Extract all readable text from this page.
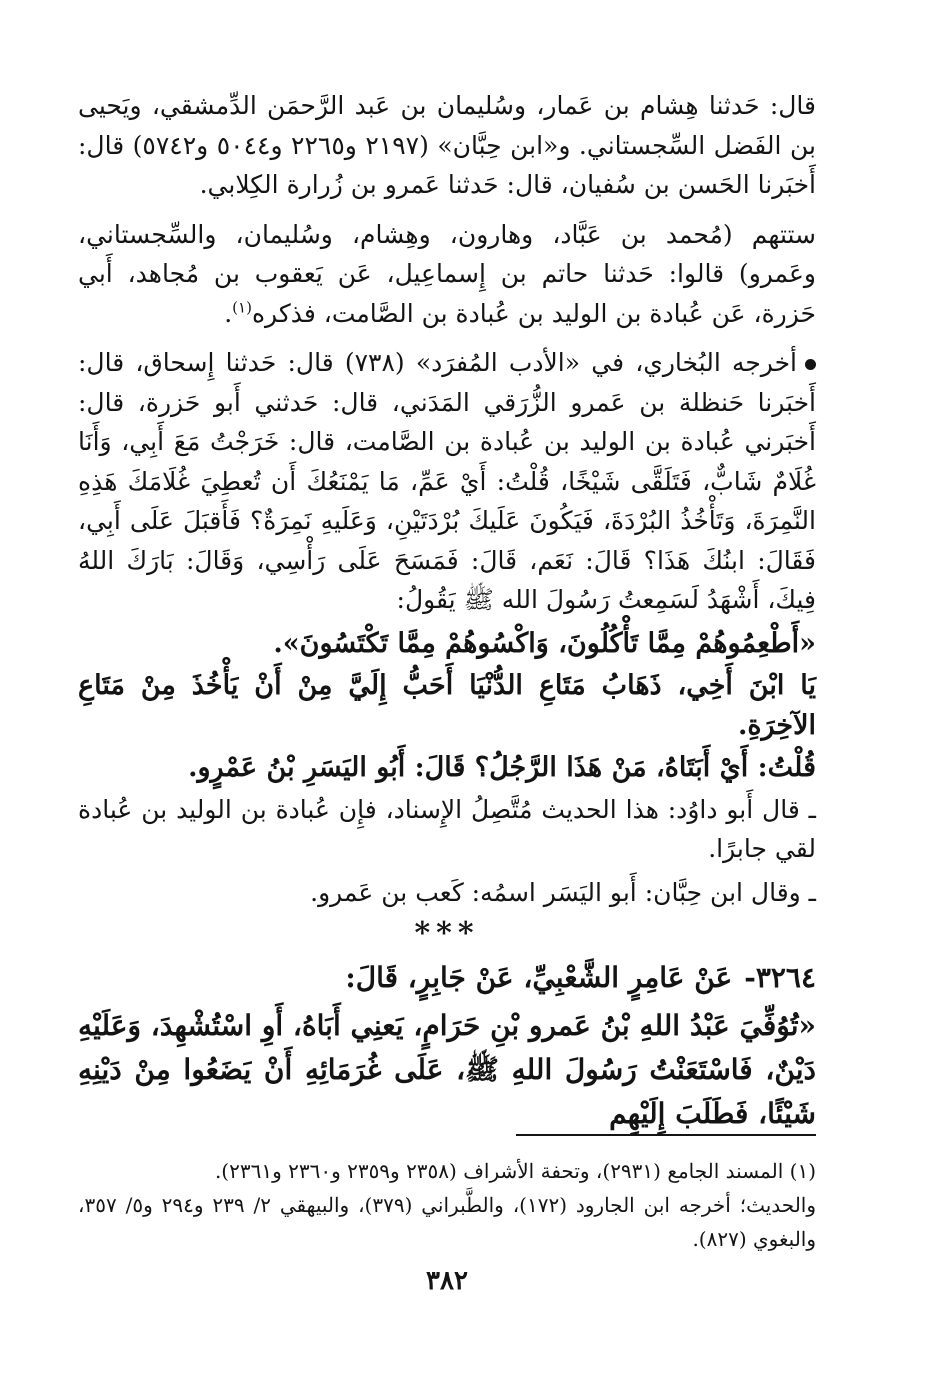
قال: حَدثنا هِشام بن عَمار، وسُليمان بن عَبد الرَّحمَن الدِّمشقي، ويَحيى بن الفَضل السِّجستاني. و«ابن حِبَّان» (٢١٩٧ و٢٢٦٥ و٥٠٤٤ و٥٧٤٢) قال: أَخبَرنا الحَسن بن سُفيان، قال: حَدثنا عَمرو بن زُرارة الكِلابي.

ستتهم (مُحمد بن عَبَّاد، وهارون، وهِشام، وسُليمان، والسِّجستاني، وعَمرو) قالوا: حَدثنا حاتم بن إِسماعِيل، عَن يَعقوب بن مُجاهد، أَبي حَزرة، عَن عُبادة بن الوليد بن عُبادة بن الصَّامت، فذكره$^{(١)}$.

أخرجه البُخاري، في «الأدب المُفرَد» (٧٣٨) قال: حَدثنا إِسحاق، قال: أَخبَرنا حَنظلة بن عَمرو الزُّرَقي المَدَني، قال: حَدثني أَبو حَزرة، قال: أَخبَرني عُبادة بن الوليد بن عُبادة بن الصَّامت، قال: خَرَجْتُ مَعَ أَبِي، وَأَنَا غُلَامٌ شَابٌّ، فَتَلَقَّى شَيْخًا، قُلْتُ: أَيْ عَمِّ، مَا يَمْنَعُكَ أَن تُعطِيَ غُلَامَكَ هَذِهِ النَّمِرَةَ، وَتَأْخُذُ البُرْدَةَ، فَيَكُونَ عَلَيكَ بُرْدَتَيْنِ، وَعَلَيهِ نَمِرَةٌ؟ فَأَقبَلَ عَلَى أَبِي، فَقَالَ: ابنُكَ هَذَا؟ قَالَ: نَعَم، قَالَ: فَمَسَحَ عَلَى رَأْسِي، وَقَالَ: بَارَكَ اللهُ فِيكَ، أَشْهَدُ لَسَمِعتُ رَسُولَ الله ﷺ يَقُولُ:

«أَطْعِمُوهُمْ مِمَّا تَأْكُلُونَ، وَاكْسُوهُمْ مِمَّا تَكْتَسُونَ».

يَا ابْنَ أَخِي، ذَهَابُ مَتَاعِ الدُّنْيَا أَحَبُّ إِلَيَّ مِنْ أَنْ يَأْخُذَ مِنْ مَتَاعِ الآخِرَةِ.

قُلْتُ: أَيْ أَبَتَاهُ، مَنْ هَذَا الرَّجُلُ؟ قَالَ: أَبُو اليَسَرِ بْنُ عَمْرٍو.

ـ قال أَبو داوُد: هذا الحديث مُتَّصِلُ الإِسناد، فإِن عُبادة بن الوليد بن عُبادة لقي جابرًا.

ـ وقال ابن حِبَّان: أَبو اليَسَر اسمُه: كَعب بن عَمرو.

***

٣٢٦٤-عَنْ عَامِرٍ الشَّعْبِيِّ، عَنْ جَابِرٍ، قَالَ:

«تُوُفِّيَ عَبْدُ اللهِ بْنُ عَمرو بْنِ حَرَامٍ، يَعنِي أَبَاهُ، أَوِ اسْتُشْهِدَ، وَعَلَيْهِ دَيْنٌ، فَاسْتَعَنْتُ رَسُولَ اللهِ ﷺ، عَلَى غُرَمَائِهِ أَنْ يَضَعُوا مِنْ دَيْنِهِ شَيْئًا، فَطَلَبَ إِلَيْهِم

(١) المسند الجامع (٢٩٣١)، وتحفة الأشراف (٢٣٥٨ و٢٣٥٩ و٢٣٦٠ و٢٣٦١).

والحديث؛ أخرجه ابن الجارود (١٧٢)، والطَّبراني (٣٧٩)، والبيهقي ٢/ ٢٣٩ و٢٩٤ و٥/ ٣٥٧، والبغوي (٨٢٧).

٣٨٢
